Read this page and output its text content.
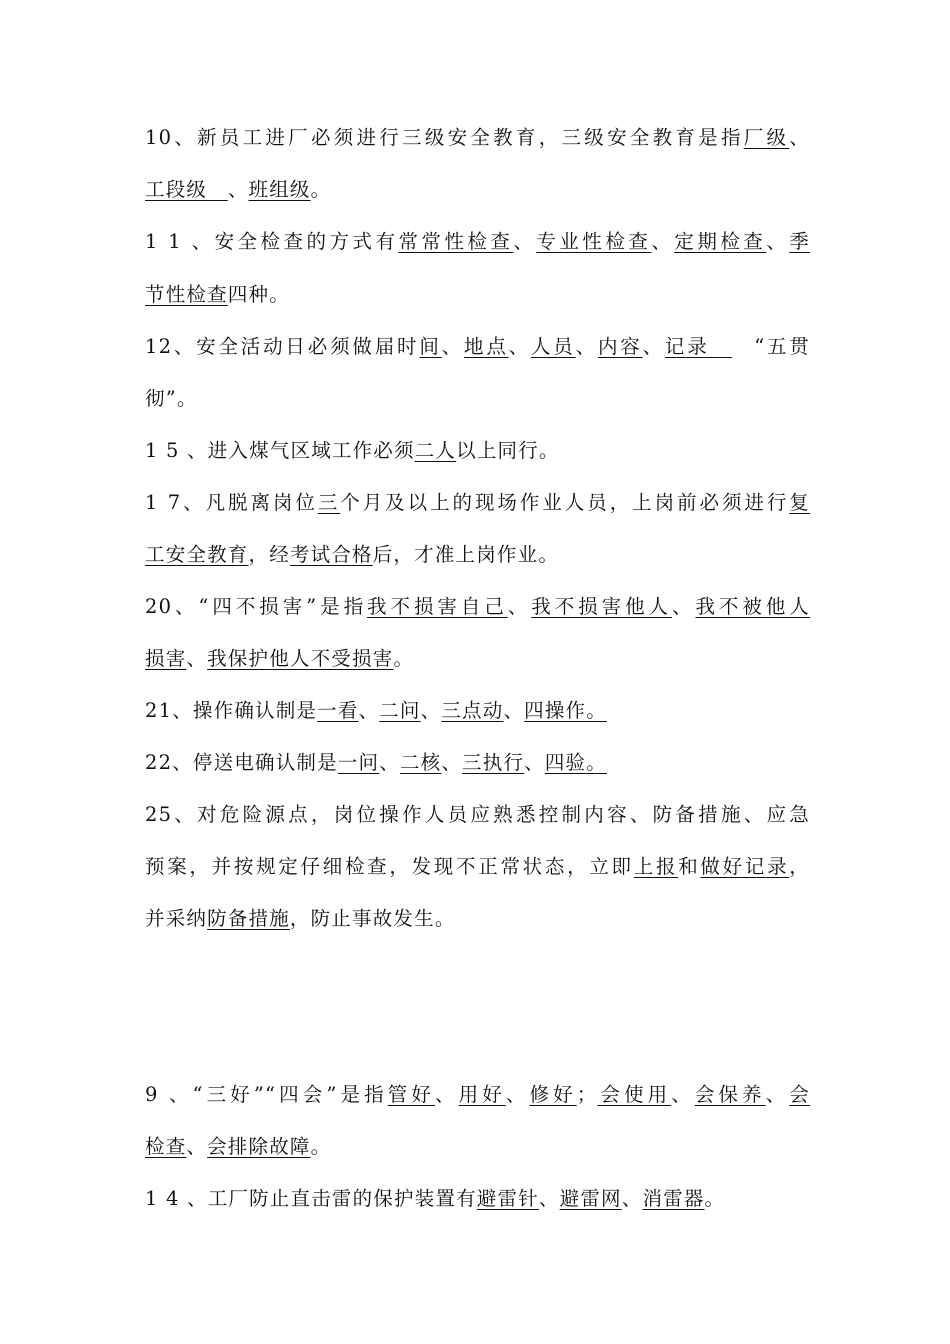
10、新员工进厂必须进行三级安全教育，三级安全教育是指厂级、
工段级　、班组级。
1 1 、安全检查的方式有常常性检查、专业性检查、定期检查、季
节性检查四种。
12、安全活动日必须做届时间、地点、人员、内容、记录　　“五贯
彻”。
1 5 、进入煤气区域工作必须二人以上同行。
1 7、凡脱离岗位三个月及以上的现场作业人员，上岗前必须进行复
工安全教育，经考试合格后，才准上岗作业。
20、“四不损害”是指我不损害自己、我不损害他人、我不被他人
损害、我保护他人不受损害。
21、操作确认制是一看、二问、三点动、四操作。
22、停送电确认制是一问、二核、三执行、四验。
25、对危险源点，岗位操作人员应熟悉控制内容、防备措施、应急
预案，并按规定仔细检查，发现不正常状态，立即上报和做好记录，
并采纳防备措施，防止事故发生。
9 、“三好”“四会”是指管好、用好、修好；会使用、会保养、会
检查、会排除故障。
1 4 、工厂防止直击雷的保护装置有避雷针、避雷网、消雷器。
